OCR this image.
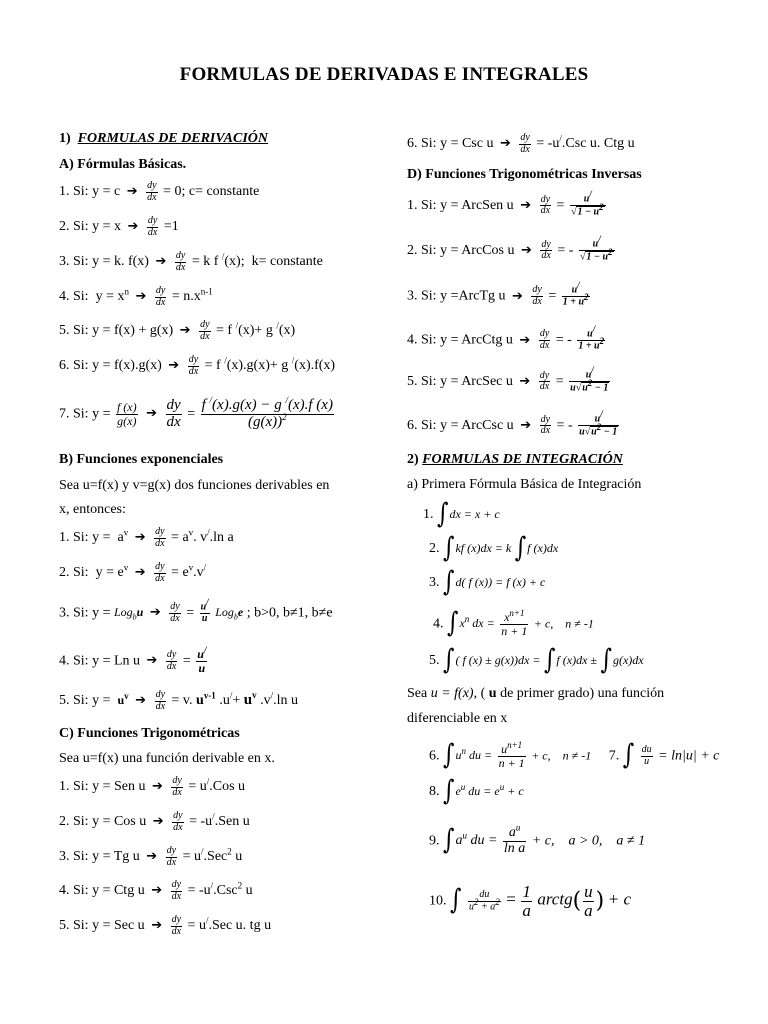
FORMULAS DE DERIVADAS E INTEGRALES
1) FORMULAS DE DERIVACIÓN
A) Fórmulas Básicas.
1. Si: y = c ➔ $\frac{dy}{dx} = 0$; c= constante
2. Si: y = x ➔ $\frac{dy}{dx} =1$
3. Si: y = k. f(x) ➔ $\frac{dy}{dx} = k$ f /(x);  k= constante
4. Si:  $y = x^n$ ➔ $\frac{dy}{dx} = n.x^{n-1}$
5. Si: y = f(x) + g(x) ➔ $\frac{dy}{dx} = f$ /(x)+ g /(x)
6. Si: y = f(x).g(x) ➔ $\frac{dy}{dx} = f$ /(x).g(x)+ g /(x).f(x)
7. Si: $y = \frac{f (x)}{g(x)}$ ➔ $\frac{dy}{dx} = \frac{f ^/(x).g(x) - g ^/(x).f (x)}{(g(x))^2}$
B) Funciones exponenciales
Sea u=f(x) y v=g(x) dos funciones derivables en
x, entonces:
1. Si: $y = a^v$ ➔ $\frac{dy}{dx} = a^v$. v/.ln a
2. Si:  $y = e^v$ ➔ $\frac{dy}{dx} = e^v.v^/$
3. Si: y = Log$_b$u ➔ $\frac{dy}{dx} = \frac{u^/}{u} Log_be$ ; b>0, b≠1, b≠e
4. Si: y = Ln u ➔ $\frac{dy}{dx} = \frac{u^/}{u}$
5. Si: $y = u^v$ ➔ $\frac{dy}{dx} = v$. $u^{v-1}$ $.u^/+ u^v$ .v/.ln u
C) Funciones Trigonométricas
Sea u=f(x) una función derivable en x.
1. Si: y = Sen u ➔ $\frac{dy}{dx} = u^/.Cos$ u
2. Si: y = Cos u ➔ $\frac{dy}{dx} = -u^/.Sen$ u
3. Si: y = Tg u ➔ $\frac{dy}{dx} = u^/.Sec^2$ u
4. Si: y = Ctg u ➔ $\frac{dy}{dx} = -u^/.Csc^2$ u
5. Si: y = Sec u ➔ $\frac{dy}{dx} = u^/.Sec$ u. tg u
6. Si: y = Csc u ➔ $\frac{dy}{dx} = -u^/.Csc$ u. Ctg u
D) Funciones Trigonométricas Inversas
1. Si: y = ArcSen u ➔ $\frac{dy}{dx} = \frac{u^/}{√1 - u^2}$
2. Si: y = ArcCos u ➔ $\frac{dy}{dx}$ = - $\frac{u^/}{√1 - u^2}$
3. Si: y =ArcTg u ➔ $\frac{dy}{dx} = \frac{u^/}{1 + u^2}$
4. Si: y = ArcCtg u ➔ $\frac{dy}{dx}$ = - $\frac{u^/}{1 + u^2}$
5. Si: y = ArcSec u ➔ $\frac{dy}{dx} = \frac{u^/}{u√u^2 - 1}$
6. Si: y = ArcCsc u ➔ $\frac{dy}{dx}$ = - $\frac{u^/}{u√u^2 - 1}$
2) FORMULAS DE INTEGRACIÓN
a) Primera Fórmula Básica de Integración
1. ∫dx = x + c
2. ∫kf (x)dx = k ∫f (x)dx
3. ∫d( f (x)) = f (x) + c
4. $\int x^n$ dx = $\frac{x^{n+1}}{n + 1} + c$,    n ≠ -1
5. ∫( f (x) ± g(x))dx = ∫f (x)dx ± ∫g(x)dx
Sea u = f(x), ( u de primer grado) una función
diferenciable en x
6. $\int u^n$ du = $\frac{u^{n+1}}{n + 1} + c$,    n ≠ -1 7. ∫ $\frac{du}{u} = \ln|u| + c$
8. $\int e^u$ du = $e^u + c$
9. $\int a^u$ du = $\frac{a^u}{\text{ln a}} + c$,    a > 0,    a ≠ 1
10. ∫ $\frac{du}{u^2 + a^2} = \frac{1}{a}$ arctg( $\frac{u}{a}$ ) + c
